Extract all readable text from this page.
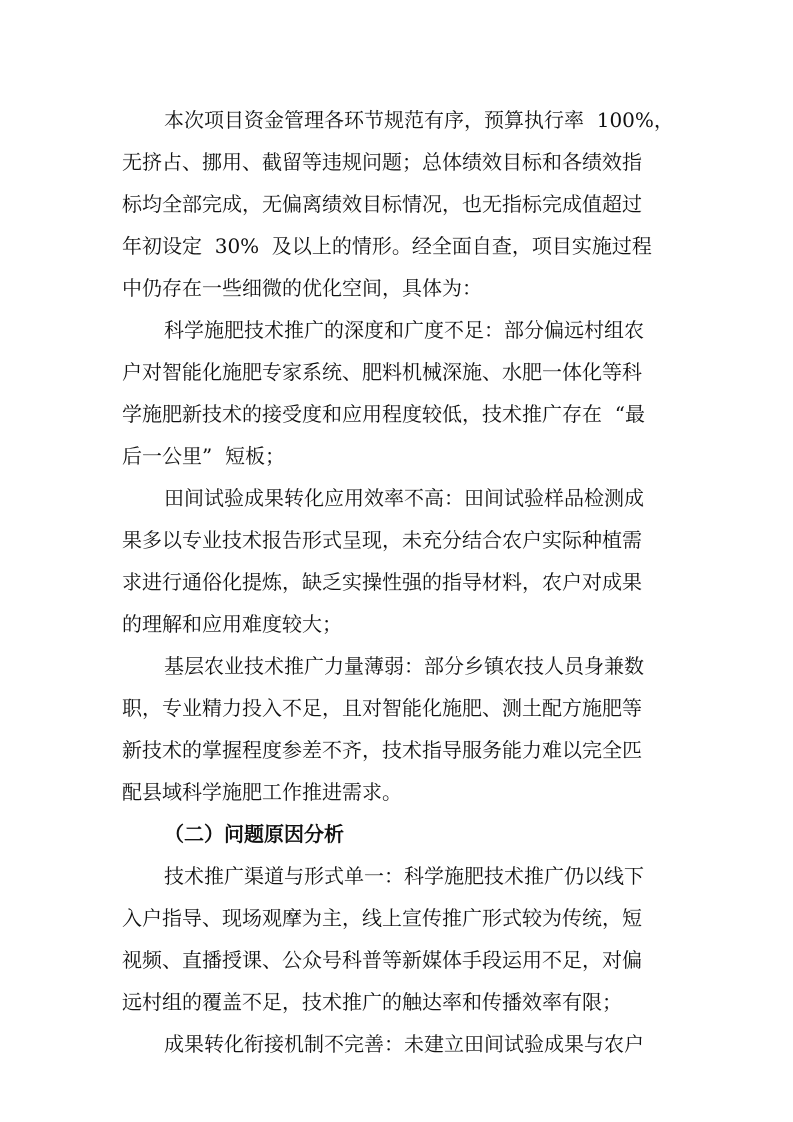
本次项目资金管理各环节规范有序，预算执行率  100%，
无挤占、挪用、截留等违规问题；总体绩效目标和各绩效指
标均全部完成，无偏离绩效目标情况，也无指标完成值超过
年初设定  30%  及以上的情形。经全面自查，项目实施过程
中仍存在一些细微的优化空间，具体为：
科学施肥技术推广的深度和广度不足：部分偏远村组农
户对智能化施肥专家系统、肥料机械深施、水肥一体化等科
学施肥新技术的接受度和应用程度较低，技术推广存在  “最
后一公里”  短板；
田间试验成果转化应用效率不高：田间试验样品检测成
果多以专业技术报告形式呈现，未充分结合农户实际种植需
求进行通俗化提炼，缺乏实操性强的指导材料，农户对成果
的理解和应用难度较大；
基层农业技术推广力量薄弱：部分乡镇农技人员身兼数
职，专业精力投入不足，且对智能化施肥、测土配方施肥等
新技术的掌握程度参差不齐，技术指导服务能力难以完全匹
配县域科学施肥工作推进需求。
（二）问题原因分析
技术推广渠道与形式单一：科学施肥技术推广仍以线下
入户指导、现场观摩为主，线上宣传推广形式较为传统，短
视频、直播授课、公众号科普等新媒体手段运用不足，对偏
远村组的覆盖不足，技术推广的触达率和传播效率有限；
成果转化衔接机制不完善：未建立田间试验成果与农户
